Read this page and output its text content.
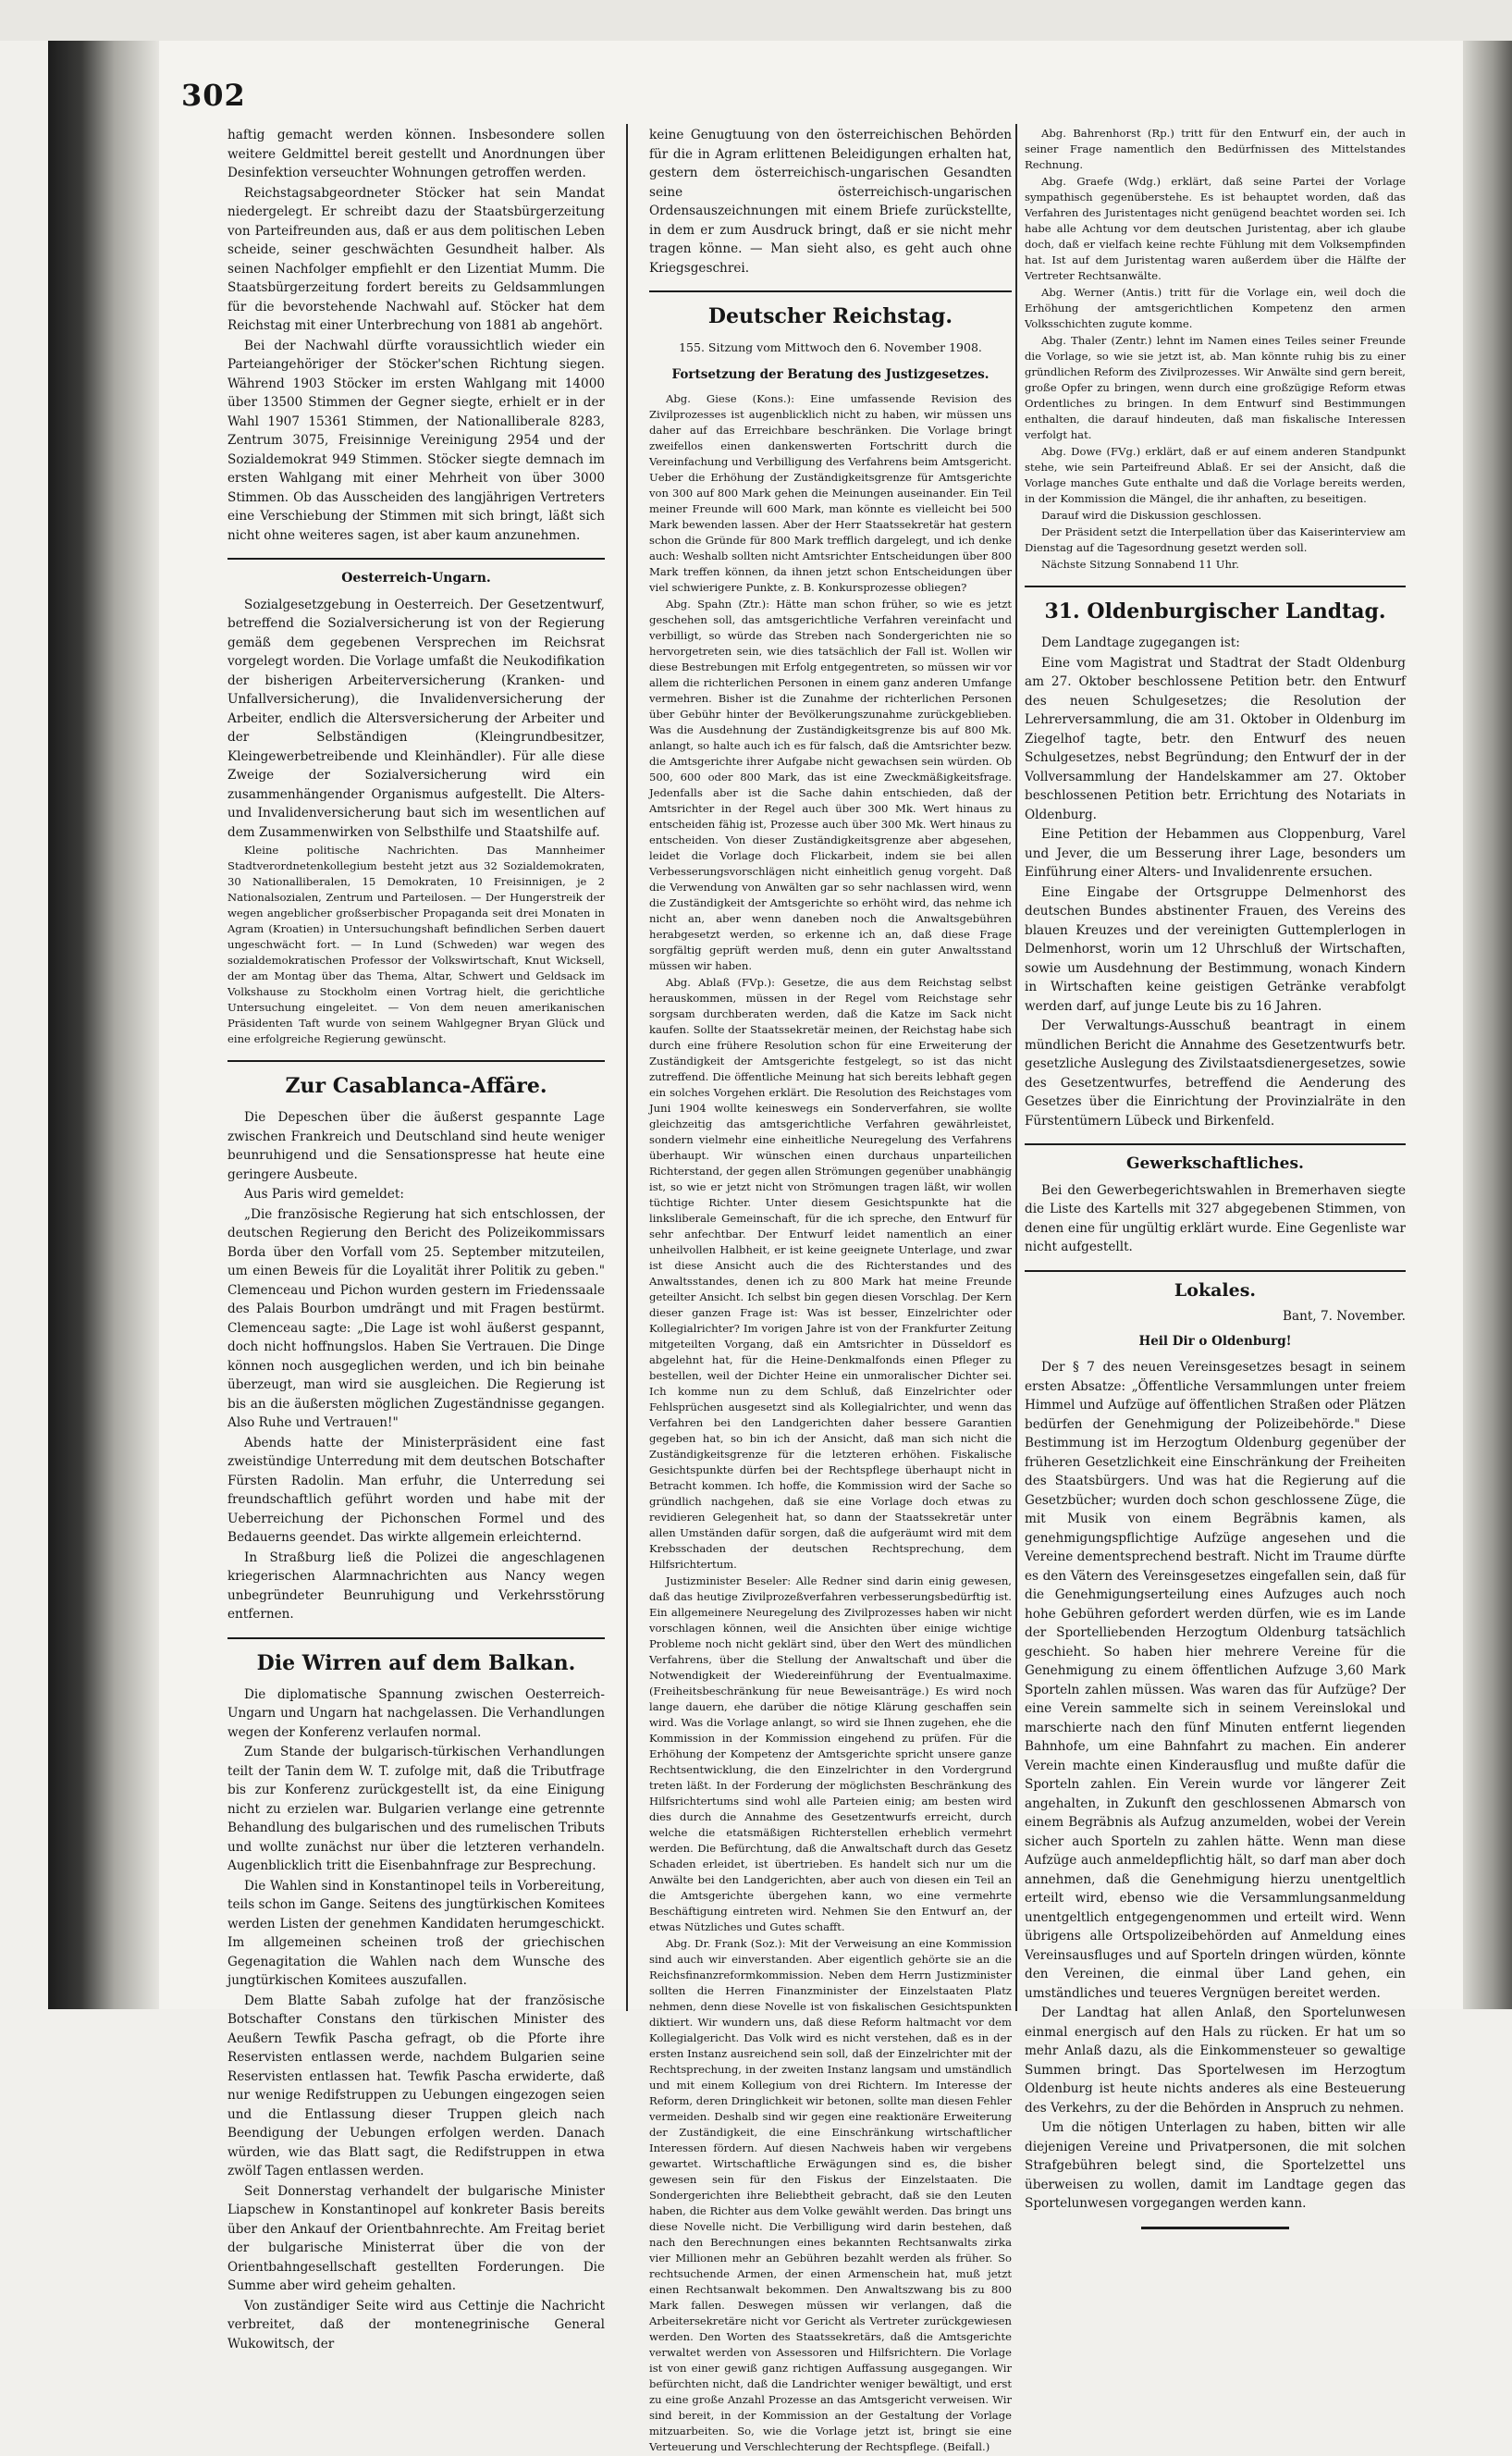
302

haftig gemacht werden können. Insbesondere sollen weitere Geldmittel bereit gestellt und Anordnungen über Desinfektion verseuchter Wohnungen getroffen werden.

Reichstagsabgeordneter Stöcker hat sein Mandat niedergelegt. Er schreibt dazu der Staatsbürgerzeitung von Parteifreunden aus, daß er aus dem politischen Leben scheide, seiner geschwächten Gesundheit halber. Als seinen Nachfolger empfiehlt er den Lizentiat Mumm. Die Staatsbürgerzeitung fordert bereits zu Geldsammlungen für die bevorstehende Nachwahl auf. Stöcker hat dem Reichstag mit einer Unterbrechung von 1881 ab angehört.

Bei der Nachwahl dürfte voraussichtlich wieder ein Parteiangehöriger der Stöcker'schen Richtung siegen. Während 1903 Stöcker im ersten Wahlgang mit 14000 über 13500 Stimmen der Gegner siegte, erhielt er in der Wahl 1907 15361 Stimmen, der Nationalliberale 8283, Zentrum 3075, Freisinnige Vereinigung 2954 und der Sozialdemokrat 949 Stimmen. Stöcker siegte demnach im ersten Wahlgang mit einer Mehrheit von über 3000 Stimmen. Ob das Ausscheiden des langjährigen Vertreters eine Verschiebung der Stimmen mit sich bringt, läßt sich nicht ohne weiteres sagen, ist aber kaum anzunehmen.

Oesterreich-Ungarn.

Sozialgesetzgebung in Oesterreich. Der Gesetzentwurf, betreffend die Sozialversicherung ist von der Regierung gemäß dem gegebenen Versprechen im Reichsrat vorgelegt worden. Die Vorlage umfaßt die Neukodifikation der bisherigen Arbeiterversicherung (Kranken- und Unfallversicherung), die Invalidenversicherung der Arbeiter, endlich die Altersversicherung der Arbeiter und der Selbständigen (Kleingrundbesitzer, Kleingewerbetreibende und Kleinhändler). Für alle diese Zweige der Sozialversicherung wird ein zusammenhängender Organismus aufgestellt. Die Alters- und Invalidenversicherung baut sich im wesentlichen auf dem Zusammenwirken von Selbsthilfe und Staatshilfe auf.

Kleine politische Nachrichten. Das Mannheimer Stadtverordnetenkollegium besteht jetzt aus 32 Sozialdemokraten, 30 Nationalliberalen, 15 Demokraten, 10 Freisinnigen, je 2 Nationalsozialen, Zentrum und Parteilosen. — Der Hungerstreik der wegen angeblicher großserbischer Propaganda seit drei Monaten in Agram (Kroatien) in Untersuchungshaft befindlichen Serben dauert ungeschwächt fort. — In Lund (Schweden) war wegen des sozialdemokratischen Professor der Volkswirtschaft, Knut Wicksell, der am Montag über das Thema, Altar, Schwert und Geldsack im Volkshause zu Stockholm einen Vortrag hielt, die gerichtliche Untersuchung eingeleitet. — Von dem neuen amerikanischen Präsidenten Taft wurde von seinem Wahlgegner Bryan Glück und eine erfolgreiche Regierung gewünscht.

Zur Casablanca-Affäre.

Die Depeschen über die äußerst gespannte Lage zwischen Frankreich und Deutschland sind heute weniger beunruhigend und die Sensationspresse hat heute eine geringere Ausbeute.

Aus Paris wird gemeldet:

„Die französische Regierung hat sich entschlossen, der deutschen Regierung den Bericht des Polizeikommissars Borda über den Vorfall vom 25. September mitzuteilen, um einen Beweis für die Loyalität ihrer Politik zu geben." Clemenceau und Pichon wurden gestern im Friedenssaale des Palais Bourbon umdrängt und mit Fragen bestürmt. Clemenceau sagte: „Die Lage ist wohl äußerst gespannt, doch nicht hoffnungslos. Haben Sie Vertrauen. Die Dinge können noch ausgeglichen werden, und ich bin beinahe überzeugt, man wird sie ausgleichen. Die Regierung ist bis an die äußersten möglichen Zugeständnisse gegangen. Also Ruhe und Vertrauen!"

Abends hatte der Ministerpräsident eine fast zweistündige Unterredung mit dem deutschen Botschafter Fürsten Radolin. Man erfuhr, die Unterredung sei freundschaftlich geführt worden und habe mit der Ueberreichung der Pichonschen Formel und des Bedauerns geendet. Das wirkte allgemein erleichternd.

In Straßburg ließ die Polizei die angeschlagenen kriegerischen Alarmnachrichten aus Nancy wegen unbegründeter Beunruhigung und Verkehrsstörung entfernen.

Die Wirren auf dem Balkan.

Die diplomatische Spannung zwischen Oesterreich-Ungarn und Ungarn hat nachgelassen. Die Verhandlungen wegen der Konferenz verlaufen normal.

Zum Stande der bulgarisch-türkischen Verhandlungen teilt der Tanin dem W. T. zufolge mit, daß die Tributfrage bis zur Konferenz zurückgestellt ist, da eine Einigung nicht zu erzielen war. Bulgarien verlange eine getrennte Behandlung des bulgarischen und des rumelischen Tributs und wollte zunächst nur über die letzteren verhandeln. Augenblicklich tritt die Eisenbahnfrage zur Besprechung.

Die Wahlen sind in Konstantinopel teils in Vorbereitung, teils schon im Gange. Seitens des jungtürkischen Komitees werden Listen der genehmen Kandidaten herumgeschickt. Im allgemeinen scheinen troß der griechischen Gegenagitation die Wahlen nach dem Wunsche des jungtürkischen Komitees auszufallen.

Dem Blatte Sabah zufolge hat der französische Botschafter Constans den türkischen Minister des Aeußern Tewfik Pascha gefragt, ob die Pforte ihre Reservisten entlassen werde, nachdem Bulgarien seine Reservisten entlassen hat. Tewfik Pascha erwiderte, daß nur wenige Redifstruppen zu Uebungen eingezogen seien und die Entlassung dieser Truppen gleich nach Beendigung der Uebungen erfolgen werden. Danach würden, wie das Blatt sagt, die Redifstruppen in etwa zwölf Tagen entlassen werden.

Seit Donnerstag verhandelt der bulgarische Minister Liapschew in Konstantinopel auf konkreter Basis bereits über den Ankauf der Orientbahnrechte. Am Freitag beriet der bulgarische Ministerrat über die von der Orientbahngesellschaft gestellten Forderungen. Die Summe aber wird geheim gehalten.

Von zuständiger Seite wird aus Cettinje die Nachricht verbreitet, daß der montenegrinische General Wukowitsch, der

keine Genugtuung von den österreichischen Behörden für die in Agram erlittenen Beleidigungen erhalten hat, gestern dem österreichisch-ungarischen Gesandten seine österreichisch-ungarischen Ordensauszeichnungen mit einem Briefe zurückstellte, in dem er zum Ausdruck bringt, daß er sie nicht mehr tragen könne. — Man sieht also, es geht auch ohne Kriegsgeschrei.

Deutscher Reichstag.
155. Sitzung vom Mittwoch den 6. November 1908.
Fortsetzung der Beratung des Justizgesetzes.

Abg. Giese (Kons.): Eine umfassende Revision des Zivilprozesses ist augenblicklich nicht zu haben, wir müssen uns daher auf das Erreichbare beschränken. Die Vorlage bringt zweifellos einen dankenswerten Fortschritt durch die Vereinfachung und Verbilligung des Verfahrens beim Amtsgericht. Ueber die Erhöhung der Zuständigkeitsgrenze für Amtsgerichte von 300 auf 800 Mark gehen die Meinungen auseinander. Ein Teil meiner Freunde will 600 Mark, man könnte es vielleicht bei 500 Mark bewenden lassen. Aber der Herr Staatssekretär hat gestern schon die Gründe für 800 Mark trefflich dargelegt, und ich denke auch: Weshalb sollten nicht Amtsrichter Entscheidungen über 800 Mark treffen können, da ihnen jetzt schon Entscheidungen über viel schwierigere Punkte, z. B. Konkursprozesse obliegen?

Abg. Spahn (Ztr.): Hätte man schon früher, so wie es jetzt geschehen soll, das amtsgerichtliche Verfahren vereinfacht und verbilligt, so würde das Streben nach Sondergerichten nie so hervorgetreten sein, wie dies tatsächlich der Fall ist. Wollen wir diese Bestrebungen mit Erfolg entgegentreten, so müssen wir vor allem die richterlichen Personen in einem ganz anderen Umfange vermehren. Bisher ist die Zunahme der richterlichen Personen über Gebühr hinter der Bevölkerungszunahme zurückgeblieben. Was die Ausdehnung der Zuständigkeitsgrenze bis auf 800 Mk. anlangt, so halte auch ich es für falsch, daß die Amtsrichter bezw. die Amtsgerichte ihrer Aufgabe nicht gewachsen sein würden. Ob 500, 600 oder 800 Mark, das ist eine Zweckmäßigkeitsfrage. Jedenfalls aber ist die Sache dahin entschieden, daß der Amtsrichter in der Regel auch über 300 Mk. Wert hinaus zu entscheiden fähig ist, Prozesse auch über 300 Mk. Wert hinaus zu entscheiden. Von dieser Zuständigkeitsgrenze aber abgesehen, leidet die Vorlage doch Flickarbeit, indem sie bei allen Verbesserungsvorschlägen nicht einheitlich genug vorgeht. Daß die Verwendung von Anwälten gar so sehr nachlassen wird, wenn die Zuständigkeit der Amtsgerichte so erhöht wird, das nehme ich nicht an, aber wenn daneben noch die Anwaltsgebühren herabgesetzt werden, so erkenne ich an, daß diese Frage sorgfältig geprüft werden muß, denn ein guter Anwaltsstand müssen wir haben.

Abg. Ablaß (FVp.): Gesetze, die aus dem Reichstag selbst herauskommen, müssen in der Regel vom Reichstage sehr sorgsam durchberaten werden, daß die Katze im Sack nicht kaufen. Sollte der Staatssekretär meinen, der Reichstag habe sich durch eine frühere Resolution schon für eine Erweiterung der Zuständigkeit der Amtsgerichte festgelegt, so ist das nicht zutreffend. Die öffentliche Meinung hat sich bereits lebhaft gegen ein solches Vorgehen erklärt. Die Resolution des Reichstages vom Juni 1904 wollte keineswegs ein Sonderverfahren, sie wollte gleichzeitig das amtsgerichtliche Verfahren gewährleistet, sondern vielmehr eine einheitliche Neuregelung des Verfahrens überhaupt. Wir wünschen einen durchaus unparteilichen Richterstand, der gegen allen Strömungen gegenüber unabhängig ist, so wie er jetzt nicht von Strömungen tragen läßt, wir wollen tüchtige Richter. Unter diesem Gesichtspunkte hat die linksliberale Gemeinschaft, für die ich spreche, den Entwurf für sehr anfechtbar. Der Entwurf leidet namentlich an einer unheilvollen Halbheit, er ist keine geeignete Unterlage, und zwar ist diese Ansicht auch die des Richterstandes und des Anwaltsstandes, denen ich zu 800 Mark hat meine Freunde geteilter Ansicht. Ich selbst bin gegen diesen Vorschlag. Der Kern dieser ganzen Frage ist: Was ist besser, Einzelrichter oder Kollegialrichter? Im vorigen Jahre ist von der Frankfurter Zeitung mitgeteilten Vorgang, daß ein Amtsrichter in Düsseldorf es abgelehnt hat, für die Heine-Denkmalfonds einen Pfleger zu bestellen, weil der Dichter Heine ein unmoralischer Dichter sei. Ich komme nun zu dem Schluß, daß Einzelrichter oder Fehlsprüchen ausgesetzt sind als Kollegialrichter, und wenn das Verfahren bei den Landgerichten daher bessere Garantien gegeben hat, so bin ich der Ansicht, daß man sich nicht die Zuständigkeitsgrenze für die letzteren erhöhen. Fiskalische Gesichtspunkte dürfen bei der Rechtspflege überhaupt nicht in Betracht kommen. Ich hoffe, die Kommission wird der Sache so gründlich nachgehen, daß sie eine Vorlage doch etwas zu revidieren Gelegenheit hat, so dann der Staatssekretär unter allen Umständen dafür sorgen, daß die aufgeräumt wird mit dem Krebsschaden der deutschen Rechtsprechung, dem Hilfsrichtertum.

Justizminister Beseler: Alle Redner sind darin einig gewesen, daß das heutige Zivilprozeßverfahren verbesserungsbedürftig ist. Ein allgemeinere Neuregelung des Zivilprozesses haben wir nicht vorschlagen können, weil die Ansichten über einige wichtige Probleme noch nicht geklärt sind, über den Wert des mündlichen Verfahrens, über die Stellung der Anwaltschaft und über die Notwendigkeit der Wiedereinführung der Eventualmaxime. (Freiheitsbeschränkung für neue Beweisanträge.) Es wird noch lange dauern, ehe darüber die nötige Klärung geschaffen sein wird. Was die Vorlage anlangt, so wird sie Ihnen zugehen, ehe die Kommission in der Kommission eingehend zu prüfen. Für die Erhöhung der Kompetenz der Amtsgerichte spricht unsere ganze Rechtsentwicklung, die den Einzelrichter in den Vordergrund treten läßt. In der Forderung der möglichsten Beschränkung des Hilfsrichtertums sind wohl alle Parteien einig; am besten wird dies durch die Annahme des Gesetzentwurfs erreicht, durch welche die etatsmäßigen Richterstellen erheblich vermehrt werden. Die Befürchtung, daß die Anwaltschaft durch das Gesetz Schaden erleidet, ist übertrieben. Es handelt sich nur um die Anwälte bei den Landgerichten, aber auch von diesen ein Teil an die Amtsgerichte übergehen kann, wo eine vermehrte Beschäftigung eintreten wird. Nehmen Sie den Entwurf an, der etwas Nützliches und Gutes schafft.

Abg. Dr. Frank (Soz.): Mit der Verweisung an eine Kommission sind auch wir einverstanden. Aber eigentlich gehörte sie an die Reichsfinanzreformkommission. Neben dem Herrn Justizminister sollten die Herren Finanzminister der Einzelstaaten Platz nehmen, denn diese Novelle ist von fiskalischen Gesichtspunkten diktiert. Wir wundern uns, daß diese Reform haltmacht vor dem Kollegialgericht. Das Volk wird es nicht verstehen, daß es in der ersten Instanz ausreichend sein soll, daß der Einzelrichter mit der Rechtsprechung, in der zweiten Instanz langsam und umständlich und mit einem Kollegium von drei Richtern. Im Interesse der Reform, deren Dringlichkeit wir betonen, sollte man diesen Fehler vermeiden. Deshalb sind wir gegen eine reaktionäre Erweiterung der Zuständigkeit, die eine Einschränkung wirtschaftlicher Interessen fördern. Auf diesen Nachweis haben wir vergebens gewartet. Wirtschaftliche Erwägungen sind es, die bisher gewesen sein für den Fiskus der Einzelstaaten. Die Sondergerichten ihre Beliebtheit gebracht, daß sie den Leuten haben, die Richter aus dem Volke gewählt werden. Das bringt uns diese Novelle nicht. Die Verbilligung wird darin bestehen, daß nach den Berechnungen eines bekannten Rechtsanwalts zirka vier Millionen mehr an Gebühren bezahlt werden als früher. So rechtsuchende Armen, der einen Armenschein hat, muß jetzt einen Rechtsanwalt bekommen. Den Anwaltszwang bis zu 800 Mark fallen. Deswegen müssen wir verlangen, daß die Arbeitersekretäre nicht vor Gericht als Vertreter zurückgewiesen werden. Den Worten des Staatssekretärs, daß die Amtsgerichte verwaltet werden von Assessoren und Hilfsrichtern. Die Vorlage ist von einer gewiß ganz richtigen Auffassung ausgegangen. Wir befürchten nicht, daß die Landrichter weniger bewältigt, und erst zu eine große Anzahl Prozesse an das Amtsgericht verweisen. Wir sind bereit, in der Kommission an der Gestaltung der Vorlage mitzuarbeiten. So, wie die Vorlage jetzt ist, bringt sie eine Verteuerung und Verschlechterung der Rechtspflege. (Beifall.)

Abg. Bahrenhorst (Rp.) tritt für den Entwurf ein, der auch in seiner Frage namentlich den Bedürfnissen des Mittelstandes Rechnung.

Abg. Graefe (Wdg.) erklärt, daß seine Partei der Vorlage sympathisch gegenüberstehe. Es ist behauptet worden, daß das Verfahren des Juristentages nicht genügend beachtet worden sei. Ich habe alle Achtung vor dem deutschen Juristentag, aber ich glaube doch, daß er vielfach keine rechte Fühlung mit dem Volksempfinden hat. Ist auf dem Juristentag waren außerdem über die Hälfte der Vertreter Rechtsanwälte.

Abg. Werner (Antis.) tritt für die Vorlage ein, weil doch die Erhöhung der amtsgerichtlichen Kompetenz den armen Volksschichten zugute komme.

Abg. Thaler (Zentr.) lehnt im Namen eines Teiles seiner Freunde die Vorlage, so wie sie jetzt ist, ab. Man könnte ruhig bis zu einer gründlichen Reform des Zivilprozesses. Wir Anwälte sind gern bereit, große Opfer zu bringen, wenn durch eine großzügige Reform etwas Ordentliches zu bringen. In dem Entwurf sind Bestimmungen enthalten, die darauf hindeuten, daß man fiskalische Interessen verfolgt hat.

Abg. Dowe (FVg.) erklärt, daß er auf einem anderen Standpunkt stehe, wie sein Parteifreund Ablaß. Er sei der Ansicht, daß die Vorlage manches Gute enthalte und daß die Vorlage bereits werden, in der Kommission die Mängel, die ihr anhaften, zu beseitigen.

Darauf wird die Diskussion geschlossen.

Der Präsident setzt die Interpellation über das Kaiserinterview am Dienstag auf die Tagesordnung gesetzt werden soll.

Nächste Sitzung Sonnabend 11 Uhr.

31. Oldenburgischer Landtag.

Dem Landtage zugegangen ist:

Eine vom Magistrat und Stadtrat der Stadt Oldenburg am 27. Oktober beschlossene Petition betr. den Entwurf des neuen Schulgesetzes; die Resolution der Lehrerversammlung, die am 31. Oktober in Oldenburg im Ziegelhof tagte, betr. den Entwurf des neuen Schulgesetzes, nebst Begründung; den Entwurf der in der Vollversammlung der Handelskammer am 27. Oktober beschlossenen Petition betr. Errichtung des Notariats in Oldenburg.

Eine Petition der Hebammen aus Cloppenburg, Varel und Jever, die um Besserung ihrer Lage, besonders um Einführung einer Alters- und Invalidenrente ersuchen.

Eine Eingabe der Ortsgruppe Delmenhorst des deutschen Bundes abstinenter Frauen, des Vereins des blauen Kreuzes und der vereinigten Guttemplerlogen in Delmenhorst, worin um 12 Uhrschluß der Wirtschaften, sowie um Ausdehnung der Bestimmung, wonach Kindern in Wirtschaften keine geistigen Getränke verabfolgt werden darf, auf junge Leute bis zu 16 Jahren.

Der Verwaltungs-Ausschuß beantragt in einem mündlichen Bericht die Annahme des Gesetzentwurfs betr. gesetzliche Auslegung des Zivilstaatsdienergesetzes, sowie des Gesetzentwurfes, betreffend die Aenderung des Gesetzes über die Einrichtung der Provinzialräte in den Fürstentümern Lübeck und Birkenfeld.

Gewerkschaftliches.

Bei den Gewerbegerichtswahlen in Bremerhaven siegte die Liste des Kartells mit 327 abgegebenen Stimmen, von denen eine für ungültig erklärt wurde. Eine Gegenliste war nicht aufgestellt.

Lokales.
Bant, 7. November.
Heil Dir o Oldenburg!

Der § 7 des neuen Vereinsgesetzes besagt in seinem ersten Absatze: „Öffentliche Versammlungen unter freiem Himmel und Aufzüge auf öffentlichen Straßen oder Plätzen bedürfen der Genehmigung der Polizeibehörde." Diese Bestimmung ist im Herzogtum Oldenburg gegenüber der früheren Gesetzlichkeit eine Einschränkung der Freiheiten des Staatsbürgers. Und was hat die Regierung auf die Gesetzbücher; wurden doch schon geschlossene Züge, die mit Musik von einem Begräbnis kamen, als genehmigungspflichtige Aufzüge angesehen und die Vereine dementsprechend bestraft. Nicht im Traume dürfte es den Vätern des Vereinsgesetzes eingefallen sein, daß für die Genehmigungserteilung eines Aufzuges auch noch hohe Gebühren gefordert werden dürfen, wie es im Lande der Sportelliebenden Herzogtum Oldenburg tatsächlich geschieht. So haben hier mehrere Vereine für die Genehmigung zu einem öffentlichen Aufzuge 3,60 Mark Sporteln zahlen müssen. Was waren das für Aufzüge? Der eine Verein sammelte sich in seinem Vereinslokal und marschierte nach den fünf Minuten entfernt liegenden Bahnhofe, um eine Bahnfahrt zu machen. Ein anderer Verein machte einen Kinderausflug und mußte dafür die Sporteln zahlen. Ein Verein wurde vor längerer Zeit angehalten, in Zukunft den geschlossenen Abmarsch von einem Begräbnis als Aufzug anzumelden, wobei der Verein sicher auch Sporteln zu zahlen hätte. Wenn man diese Aufzüge auch anmeldepflichtig hält, so darf man aber doch annehmen, daß die Genehmigung hierzu unentgeltlich erteilt wird, ebenso wie die Versammlungsanmeldung unentgeltlich entgegengenommen und erteilt wird. Wenn übrigens alle Ortspolizeibehörden auf Anmeldung eines Vereinsausfluges und auf Sporteln dringen würden, könnte den Vereinen, die einmal über Land gehen, ein umständliches und teueres Vergnügen bereitet werden.

Der Landtag hat allen Anlaß, den Sportelunwesen einmal energisch auf den Hals zu rücken. Er hat um so mehr Anlaß dazu, als die Einkommensteuer so gewaltige Summen bringt. Das Sportelwesen im Herzogtum Oldenburg ist heute nichts anderes als eine Besteuerung des Verkehrs, zu der die Behörden in Anspruch zu nehmen.

Um die nötigen Unterlagen zu haben, bitten wir alle diejenigen Vereine und Privatpersonen, die mit solchen Strafgebühren belegt sind, die Sportelzettel uns überweisen zu wollen, damit im Landtage gegen das Sportelunwesen vorgegangen werden kann.
